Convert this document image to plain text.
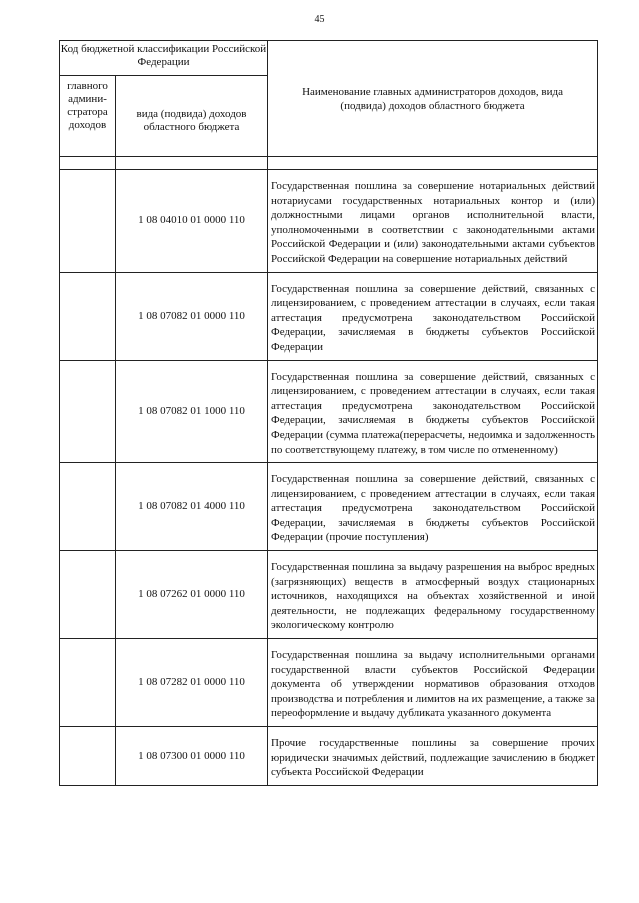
45
Код бюджетной классификации Российской Федерации		Наименование главных администраторов доходов, вида (подвида) доходов областного бюджета
главного админи-стратора доходов	вида (подвида) доходов областного бюджета	

	1 08 04010 01 0000 110	Государственная пошлина за совершение нотариальных действий нотариусами государственных нотариальных контор и (или) должностными лицами органов исполнительной власти, уполномоченными в соответствии с законодательными актами Российской Федерации и (или) законодательными актами субъектов Российской Федерации на совершение нотариальных действий
	1 08 07082 01 0000 110	Государственная пошлина за совершение действий, связанных с лицензированием, с проведением аттестации в случаях, если такая аттестация предусмотрена законодательством Российской Федерации, зачисляемая в бюджеты субъектов Российской Федерации
	1 08 07082 01 1000 110	Государственная пошлина за совершение действий, связанных с лицензированием, с проведением аттестации в случаях, если такая аттестация предусмотрена законодательством Российской Федерации, зачисляемая в бюджеты субъектов Российской Федерации (сумма платежа(перерасчеты, недоимка и задолженность по соответствующему платежу, в том числе по отмененному)
	1 08 07082 01 4000 110	Государственная пошлина за совершение действий, связанных с лицензированием, с проведением аттестации в случаях, если такая аттестация предусмотрена законодательством Российской Федерации, зачисляемая в бюджеты субъектов Российской Федерации (прочие поступления)
	1 08 07262 01 0000 110	Государственная пошлина за выдачу разрешения на выброс вредных (загрязняющих) веществ в атмосферный воздух стационарных источников, находящихся на объектах хозяйственной и иной деятельности, не подлежащих федеральному государственному экологическому контролю
	1 08 07282 01 0000 110	Государственная пошлина за выдачу исполнительными органами государственной власти субъектов Российской Федерации документа об утверждении нормативов образования отходов производства и потребления и лимитов на их размещение, а также за переоформление и выдачу дубликата указанного документа
	1 08 07300 01 0000 110	Прочие государственные пошлины за совершение прочих юридически значимых действий, подлежащие зачислению в бюджет субъекта Российской Федерации
